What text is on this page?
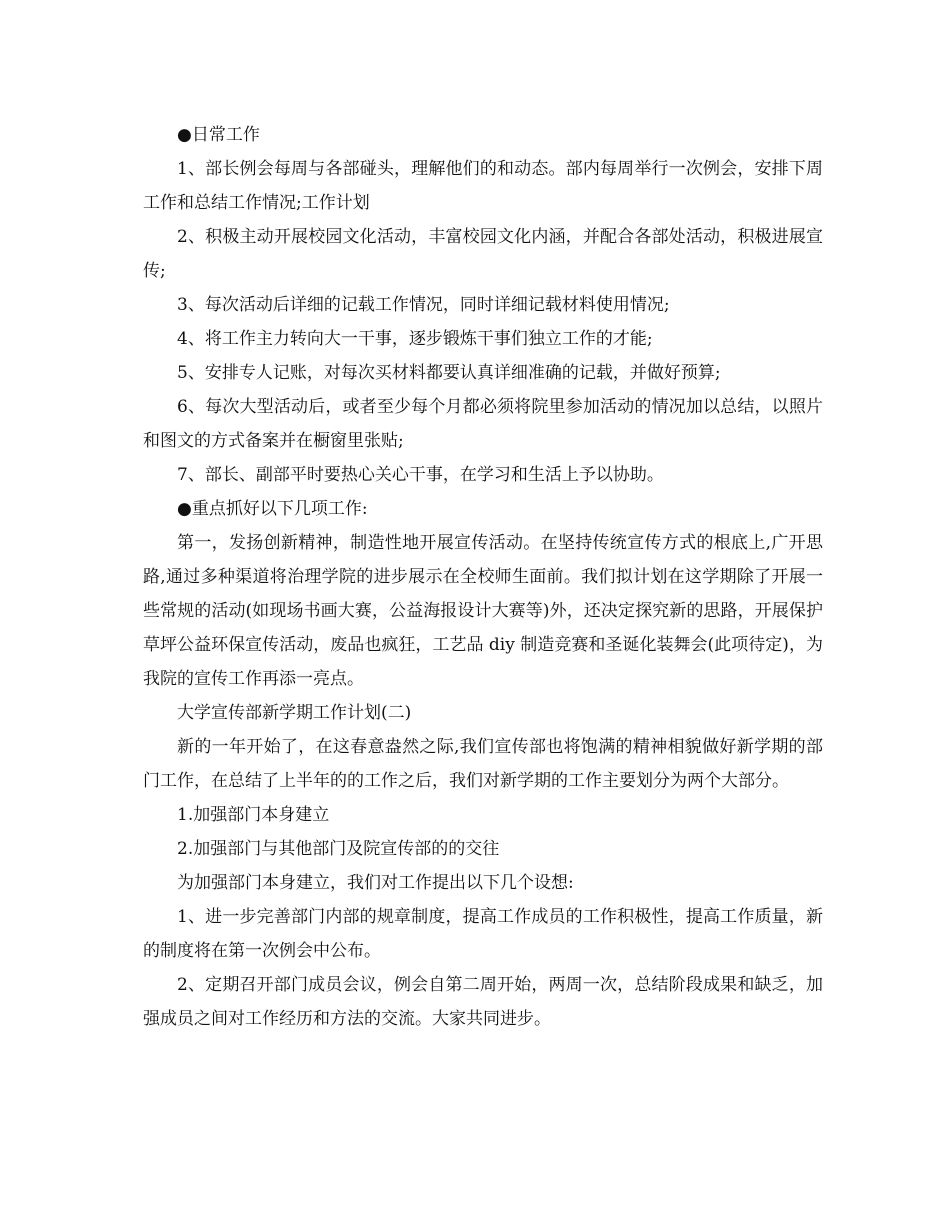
●日常工作

1、部长例会每周与各部碰头，理解他们的和动态。部内每周举行一次例会，安排下周工作和总结工作情况;工作计划

2、积极主动开展校园文化活动，丰富校园文化内涵，并配合各部处活动，积极进展宣传;

3、每次活动后详细的记载工作情况，同时详细记载材料使用情况;

4、将工作主力转向大一干事，逐步锻炼干事们独立工作的才能;

5、安排专人记账，对每次买材料都要认真详细准确的记载，并做好预算;

6、每次大型活动后，或者至少每个月都必须将院里参加活动的情况加以总结，以照片和图文的方式备案并在橱窗里张贴;

7、部长、副部平时要热心关心干事，在学习和生活上予以协助。

●重点抓好以下几项工作:

第一，发扬创新精神，制造性地开展宣传活动。在坚持传统宣传方式的根底上,广开思路,通过多种渠道将治理学院的进步展示在全校师生面前。我们拟计划在这学期除了开展一些常规的活动(如现场书画大赛，公益海报设计大赛等)外，还决定探究新的思路，开展保护草坪公益环保宣传活动，废品也疯狂，工艺品 diy 制造竞赛和圣诞化装舞会(此项待定)，为我院的宣传工作再添一亮点。

大学宣传部新学期工作计划(二)

新的一年开始了，在这春意盎然之际,我们宣传部也将饱满的精神相貌做好新学期的部门工作，在总结了上半年的的工作之后，我们对新学期的工作主要划分为两个大部分。

1.加强部门本身建立

2.加强部门与其他部门及院宣传部的的交往

为加强部门本身建立，我们对工作提出以下几个设想:

1、进一步完善部门内部的规章制度，提高工作成员的工作积极性，提高工作质量，新的制度将在第一次例会中公布。

2、定期召开部门成员会议，例会自第二周开始，两周一次，总结阶段成果和缺乏，加强成员之间对工作经历和方法的交流。大家共同进步。
